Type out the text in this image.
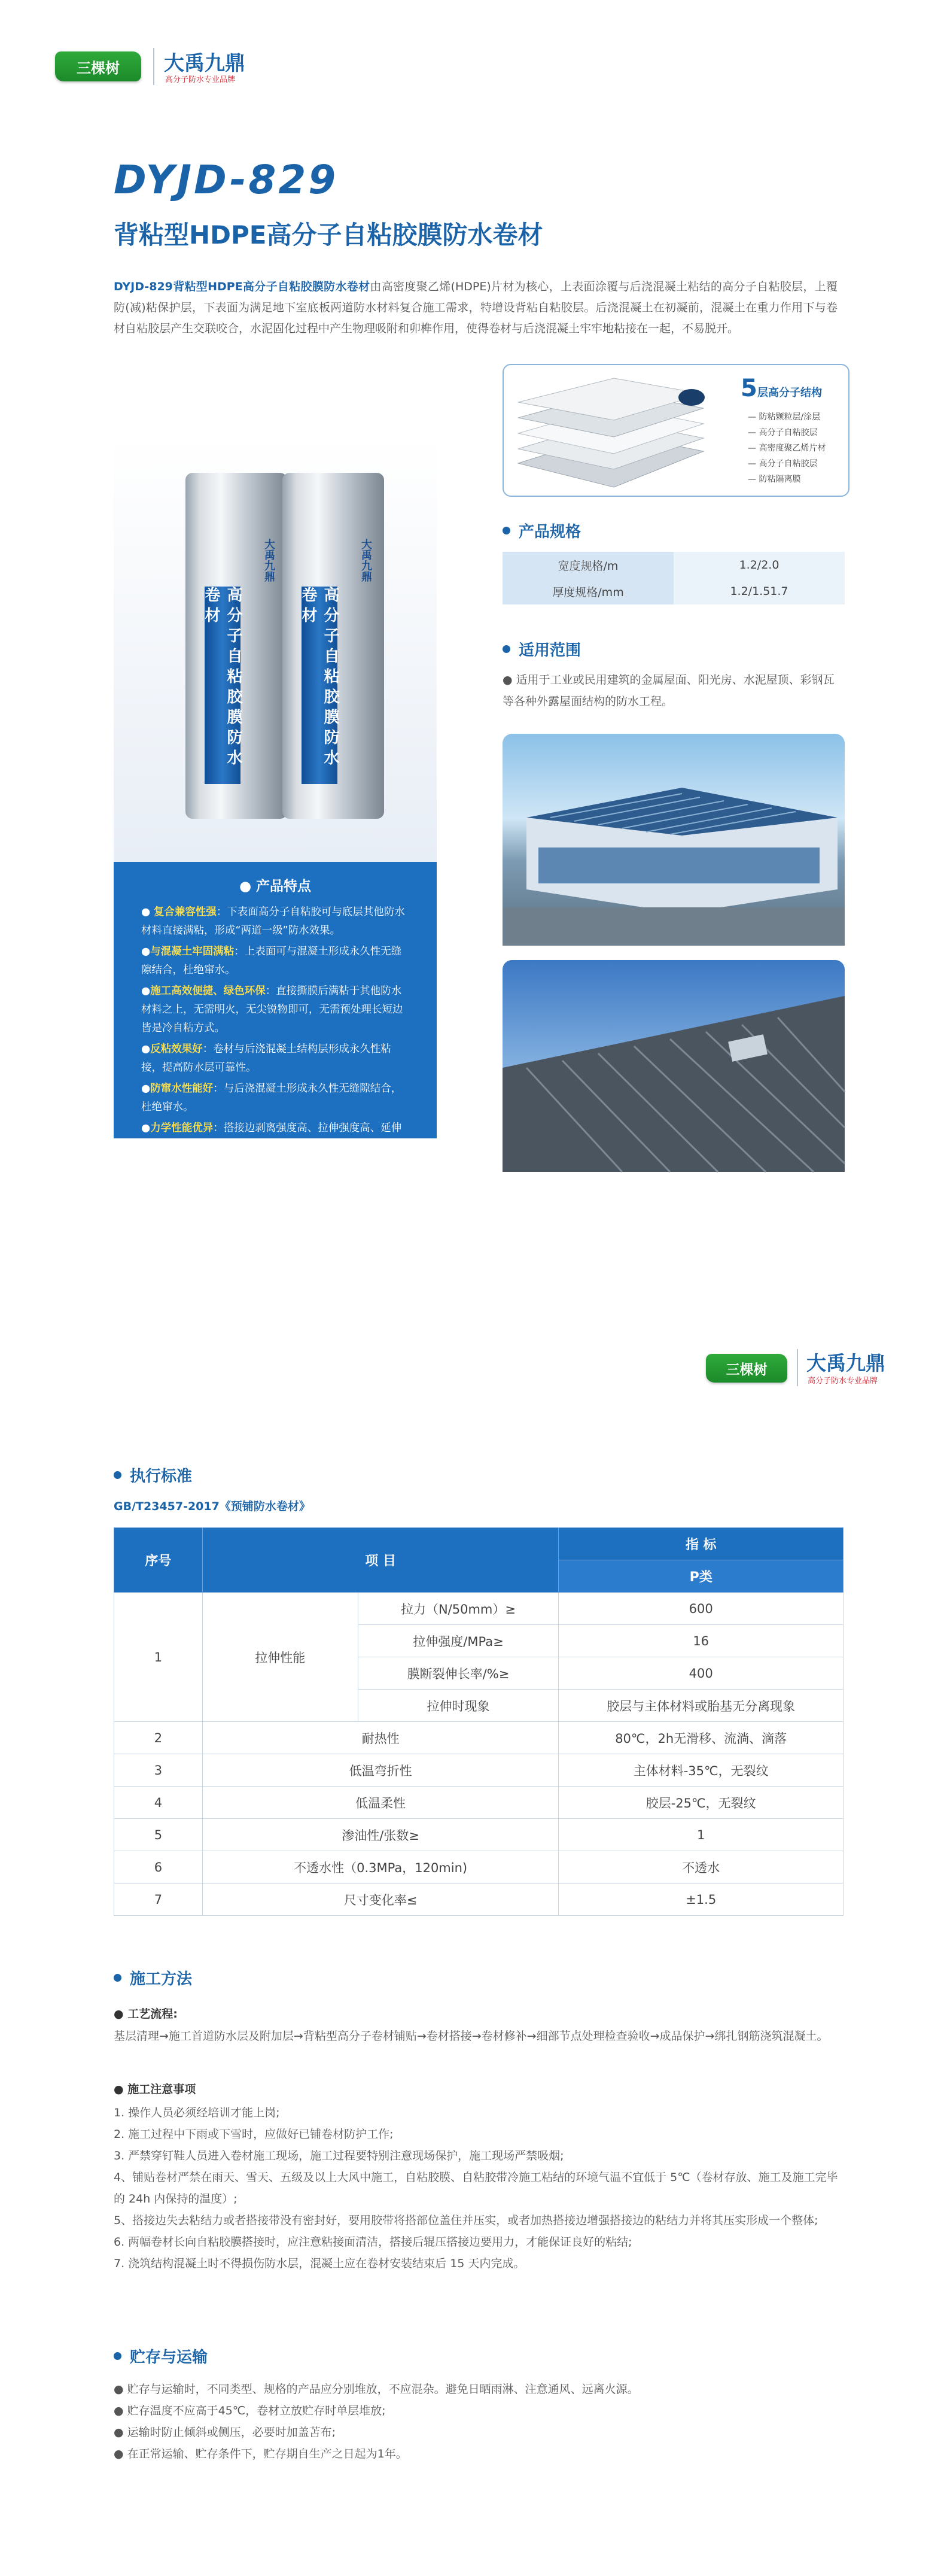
三棵树	大禹九鼎
高分子防水专业品牌
DYJD-829
背粘型HDPE高分子自粘胶膜防水卷材
DYJD-829背粘型HDPE高分子自粘胶膜防水卷材由高密度聚乙烯(HDPE)片材为核心，上表面涂覆与后浇混凝土粘结的高分子自粘胶层，上覆防(减)粘保护层，下表面为满足地下室底板两道防水材料复合施工需求，特增设背粘自粘胶层。后浇混凝土在初凝前，混凝土在重力作用下与卷材自粘胶层产生交联咬合，水泥固化过程中产生物理吸附和卯榫作用，使得卷材与后浇混凝土牢牢地粘接在一起，不易脱开。
高分子自粘胶膜防水卷材
大禹九鼎
高分子自粘胶膜防水卷材
大禹九鼎
● 产品特点
● 复合兼容性强：下表面高分子自粘胶可与底层其他防水材料直接满粘，形成“两道一级”防水效果。
●与混凝土牢固满粘：上表面可与混凝土形成永久性无缝隙结合，杜绝窜水。
●施工高效便捷、绿色环保：直接撕膜后满粘于其他防水材料之上，无需明火，无尖锐物即可，无需预处理长短边皆是冷自粘方式。
●反粘效果好：卷材与后浇混凝土结构层形成永久性粘接，提高防水层可靠性。
●防窜水性能好：与后浇混凝土形成永久性无缝隙结合，杜绝窜水。
●力学性能优异：搭接边剥离强度高、拉伸强度高、延伸率大、抗冲击性、抗穿刺性能好。
5 层高分子结构
— 防粘颗粒层/涂层
— 高分子自粘胶层
— 高密度聚乙烯片材
— 高分子自粘胶层
— 防粘隔离膜
产品规格
宽度规格/m	1.2/2.0
厚度规格/mm	1.2/1.51.7
适用范围
● 适用于工业或民用建筑的金属屋面、阳光房、水泥屋顶、彩钢瓦等各种外露屋面结构的防水工程。
三棵树	大禹九鼎
高分子防水专业品牌
执行标准
GB/T23457-2017《预铺防水卷材》
序号	项 目		指 标
			P类
1	拉伸性能	拉力（N/50mm）≥	600
		拉伸强度/MPa≥	16
		膜断裂伸长率/%≥	400
		拉伸时现象	胶层与主体材料或胎基无分离现象
2	耐热性		80℃，2h无滑移、流淌、滴落
3	低温弯折性		主体材料-35℃，无裂纹
4	低温柔性		胶层-25℃，无裂纹
5	渗油性/张数≥		1
6	不透水性（0.3MPa，120min)		不透水
7	尺寸变化率≤		±1.5
施工方法
● 工艺流程:
基层清理→施工首道防水层及附加层→背粘型高分子卷材铺贴→卷材搭接→卷材修补→细部节点处理检查验收→成品保护→绑扎钢筋浇筑混凝土。
● 施工注意事项
1. 操作人员必须经培训才能上岗;
2. 施工过程中下雨或下雪时，应做好已铺卷材防护工作;
3. 严禁穿钉鞋人员进入卷材施工现场，施工过程要特别注意现场保护，施工现场严禁吸烟;
4、铺贴卷材严禁在雨天、雪天、五级及以上大风中施工，自粘胶膜、自粘胶带冷施工粘结的环境气温不宜低于 5℃（卷材存放、施工及施工完毕的 24h 内保持的温度）;
5、搭接边失去粘结力或者搭接带没有密封好，要用胶带将搭部位盖住并压实，或者加热搭接边增强搭接边的粘结力并将其压实形成一个整体;
6. 两幅卷材长向自粘胶膜搭接时，应注意粘接面清洁，搭接后辊压搭接边要用力，才能保证良好的粘结;
7. 浇筑结构混凝土时不得损伤防水层，混凝土应在卷材安装结束后 15 天内完成。
贮存与运输
● 贮存与运输时，不同类型、规格的产品应分别堆放，不应混杂。避免日晒雨淋、注意通风、远离火源。
● 贮存温度不应高于45℃，卷材立放贮存时单层堆放;
● 运输时防止倾斜或侧压，必要时加盖苫布;
● 在正常运输、贮存条件下，贮存期自生产之日起为1年。
